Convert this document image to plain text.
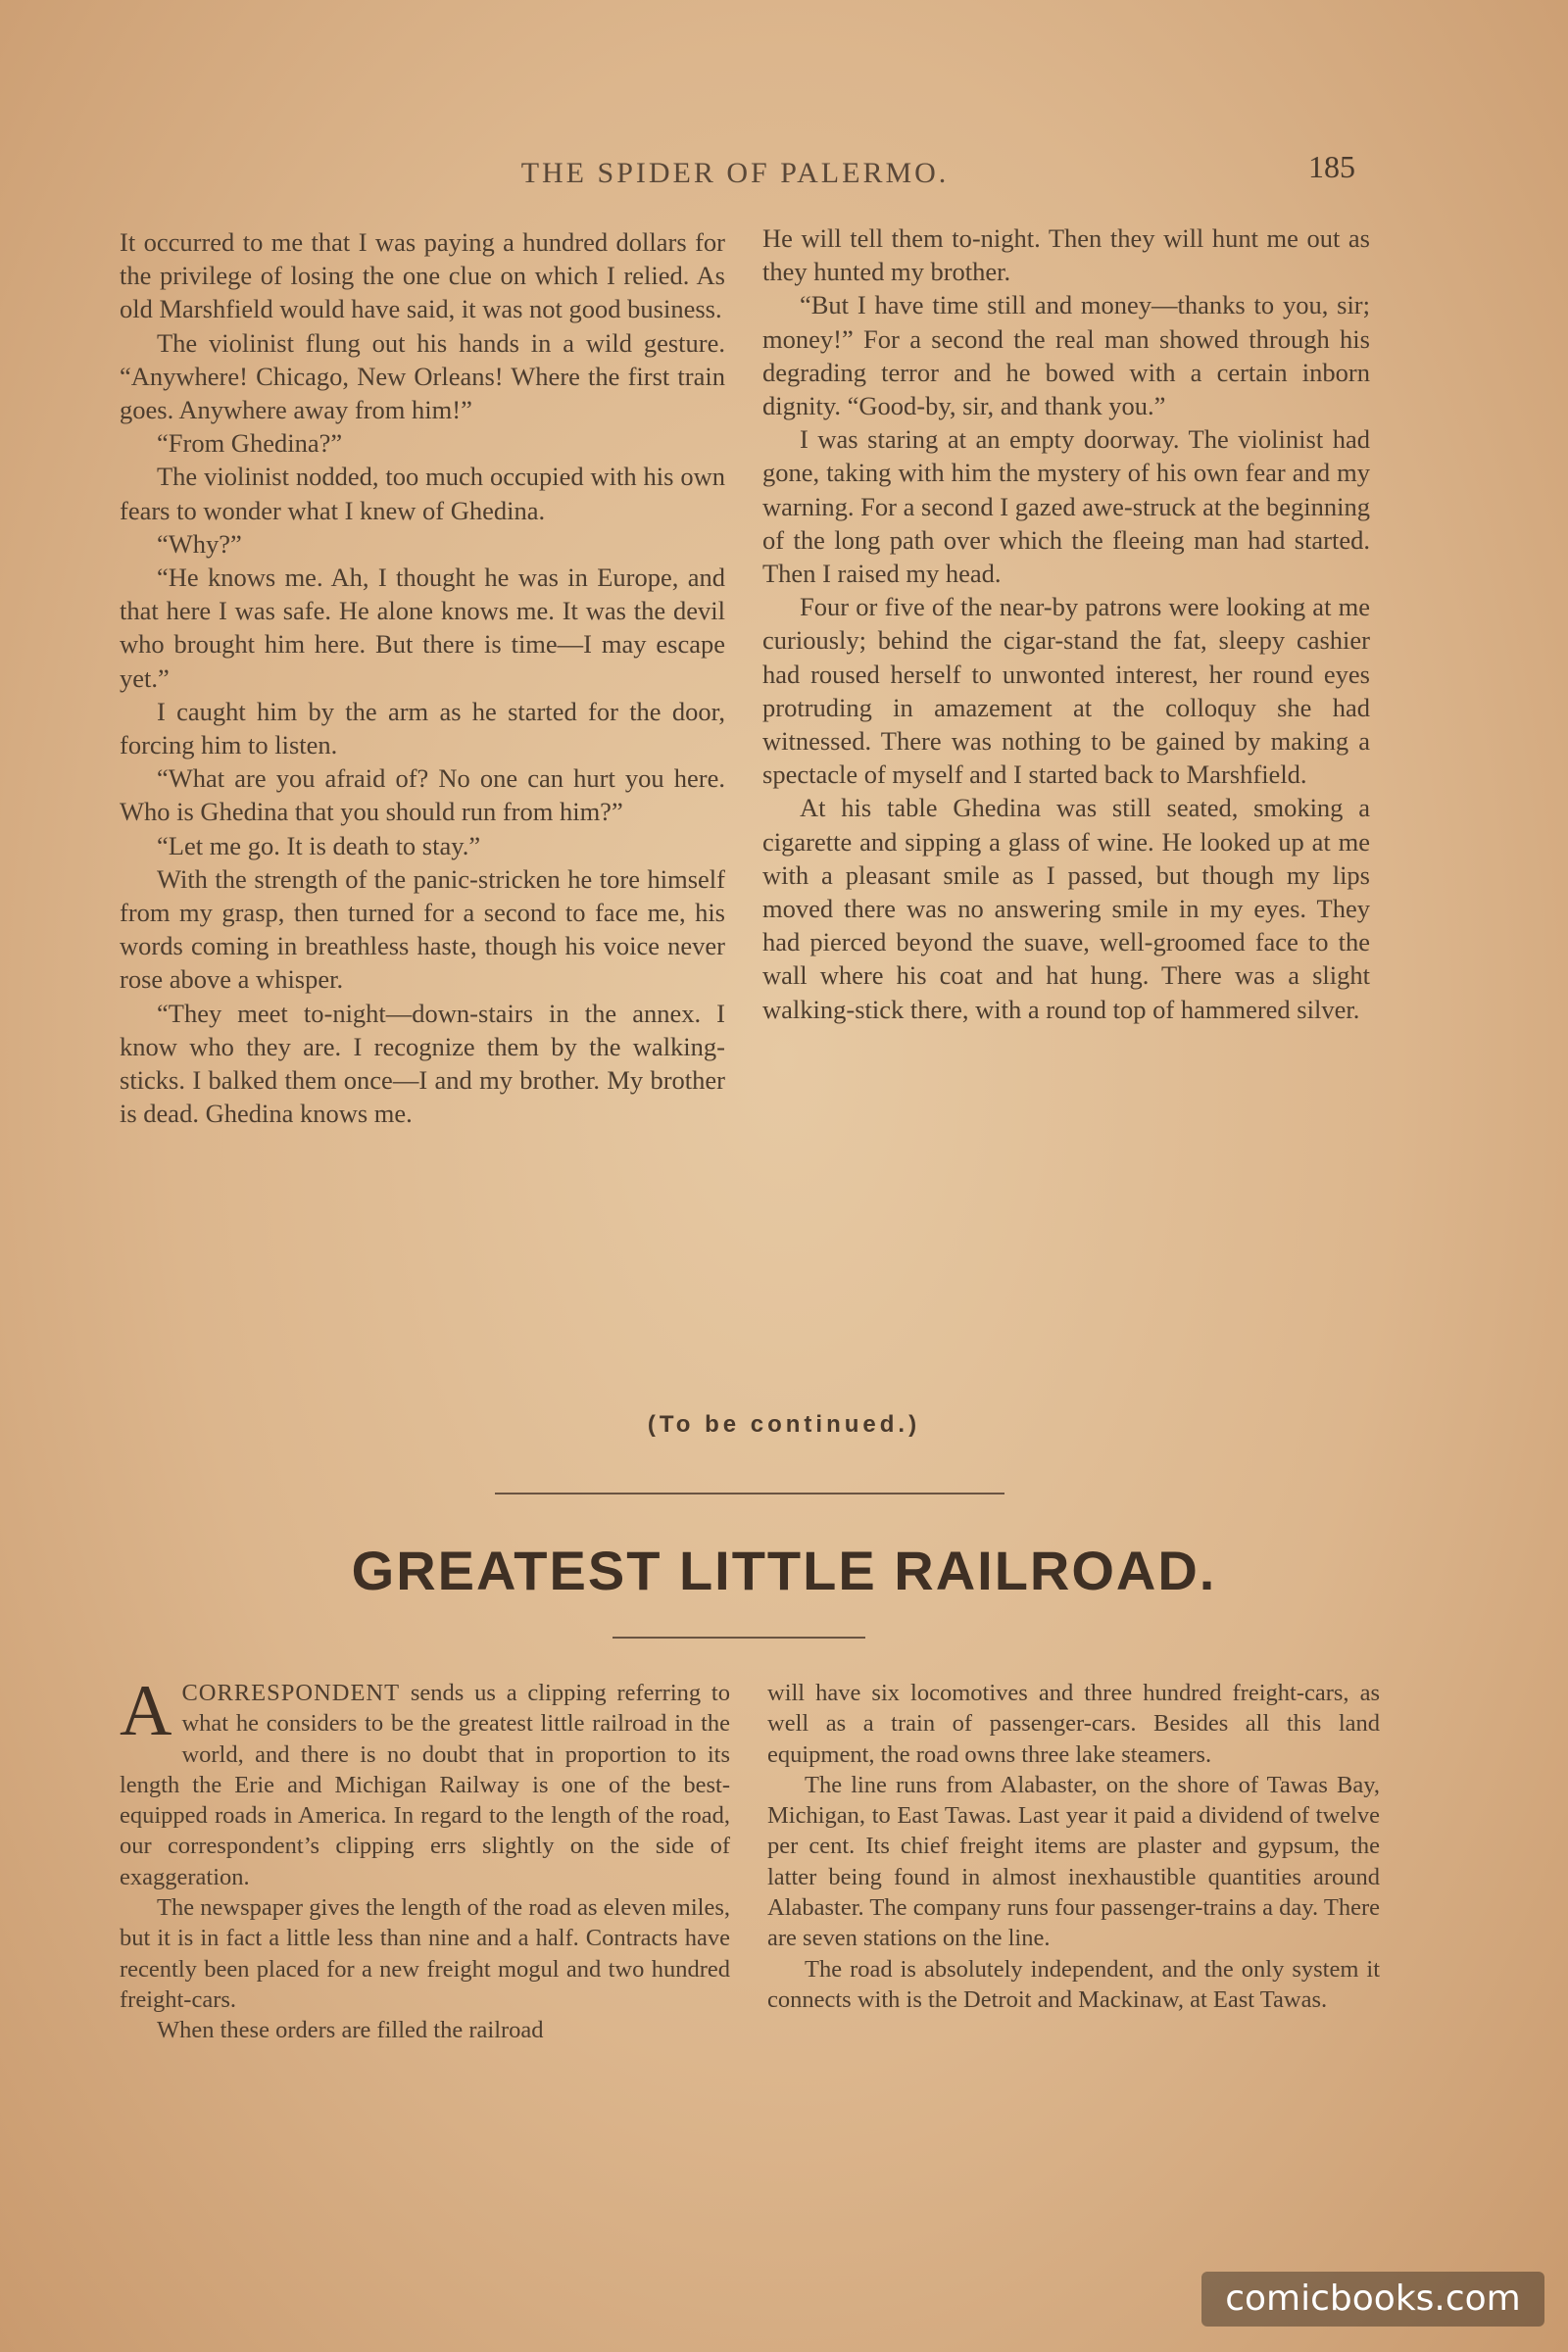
THE SPIDER OF PALERMO.	185

It occurred to me that I was paying a hundred dollars for the privilege of losing the one clue on which I relied. As old Marshfield would have said, it was not good business.

The violinist flung out his hands in a wild gesture. “Anywhere! Chicago, New Orleans! Where the first train goes. Anywhere away from him!”

“From Ghedina?”

The violinist nodded, too much occupied with his own fears to wonder what I knew of Ghedina.

“Why?”

“He knows me. Ah, I thought he was in Europe, and that here I was safe. He alone knows me. It was the devil who brought him here. But there is time—I may escape yet.”

I caught him by the arm as he started for the door, forcing him to listen.

“What are you afraid of? No one can hurt you here. Who is Ghedina that you should run from him?”

“Let me go. It is death to stay.”

With the strength of the panic-stricken he tore himself from my grasp, then turned for a second to face me, his words coming in breathless haste, though his voice never rose above a whisper.

“They meet to-night—down-stairs in the annex. I know who they are. I recognize them by the walking-sticks. I balked them once—I and my brother. My brother is dead. Ghedina knows me.

He will tell them to-night. Then they will hunt me out as they hunted my brother.

“But I have time still and money—thanks to you, sir; money!” For a second the real man showed through his degrading terror and he bowed with a certain inborn dignity. “Good-by, sir, and thank you.”

I was staring at an empty doorway. The violinist had gone, taking with him the mystery of his own fear and my warning. For a second I gazed awe-struck at the beginning of the long path over which the fleeing man had started. Then I raised my head.

Four or five of the near-by patrons were looking at me curiously; behind the cigar-stand the fat, sleepy cashier had roused herself to unwonted interest, her round eyes protruding in amazement at the colloquy she had witnessed. There was nothing to be gained by making a spectacle of myself and I started back to Marshfield.

At his table Ghedina was still seated, smoking a cigarette and sipping a glass of wine. He looked up at me with a pleasant smile as I passed, but though my lips moved there was no answering smile in my eyes. They had pierced beyond the suave, well-groomed face to the wall where his coat and hat hung. There was a slight walking-stick there, with a round top of hammered silver.

(To be continued.)
GREATEST LITTLE RAILROAD.

ACORRESPONDENT sends us a clipping referring to what he considers to be the greatest little railroad in the world, and there is no doubt that in proportion to its length the Erie and Michigan Railway is one of the best-equipped roads in America. In regard to the length of the road, our correspondent’s clipping errs slightly on the side of exaggeration.

The newspaper gives the length of the road as eleven miles, but it is in fact a little less than nine and a half. Contracts have recently been placed for a new freight mogul and two hundred freight-cars.

When these orders are filled the railroad

will have six locomotives and three hundred freight-cars, as well as a train of passenger-cars. Besides all this land equipment, the road owns three lake steamers.

The line runs from Alabaster, on the shore of Tawas Bay, Michigan, to East Tawas. Last year it paid a dividend of twelve per cent. Its chief freight items are plaster and gypsum, the latter being found in almost inexhaustible quantities around Alabaster. The company runs four passenger-trains a day. There are seven stations on the line.

The road is absolutely independent, and the only system it connects with is the Detroit and Mackinaw, at East Tawas.

comicbooks.com
